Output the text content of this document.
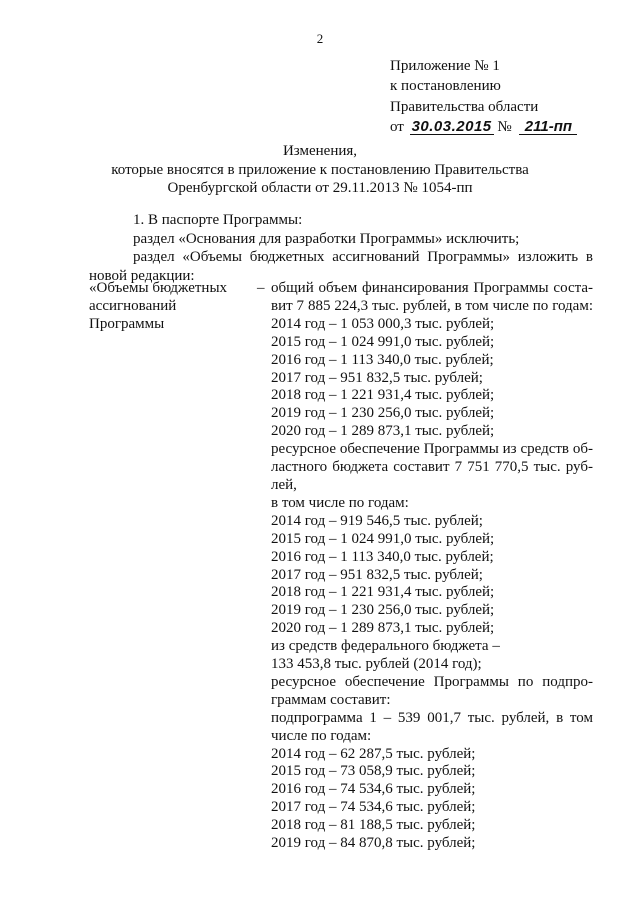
2
Приложение № 1
к постановлению
Правительства области
от 30.03.2015 № 211-пп
Изменения,
которые вносятся в приложение к постановлению Правительства
Оренбургской области от 29.11.2013 № 1054-пп

1. В паспорте Программы:

раздел «Основания для разработки Программы» исключить;

раздел «Объемы бюджетных ассигнований Программы» изложить в

новой редакции:

«Объемы бюджетных
ассигнований
Программы
– общий объем финансирования Программы соста-
вит 7 885 224,3 тыс. рублей, в том числе по годам:
2014 год – 1 053 000,3 тыс. рублей;
2015 год – 1 024 991,0 тыс. рублей;
2016 год – 1 113 340,0 тыс. рублей;
2017 год – 951 832,5 тыс. рублей;
2018 год – 1 221 931,4 тыс. рублей;
2019 год – 1 230 256,0 тыс. рублей;
2020 год – 1 289 873,1 тыс. рублей;
ресурсное обеспечение Программы из средств об-
ластного бюджета составит 7 751 770,5 тыс. руб-
лей,
в том числе по годам:
2014 год – 919 546,5 тыс. рублей;
2015 год – 1 024 991,0 тыс. рублей;
2016 год – 1 113 340,0 тыс. рублей;
2017 год – 951 832,5 тыс. рублей;
2018 год – 1 221 931,4 тыс. рублей;
2019 год – 1 230 256,0 тыс. рублей;
2020 год – 1 289 873,1 тыс. рублей;
из средств федерального бюджета –
133 453,8 тыс. рублей (2014 год);
ресурсное обеспечение Программы по подпро-
граммам составит:
подпрограмма 1 – 539 001,7 тыс. рублей, в том
числе по годам:
2014 год – 62 287,5 тыс. рублей;
2015 год – 73 058,9 тыс. рублей;
2016 год – 74 534,6 тыс. рублей;
2017 год – 74 534,6 тыс. рублей;
2018 год – 81 188,5 тыс. рублей;
2019 год – 84 870,8 тыс. рублей;
